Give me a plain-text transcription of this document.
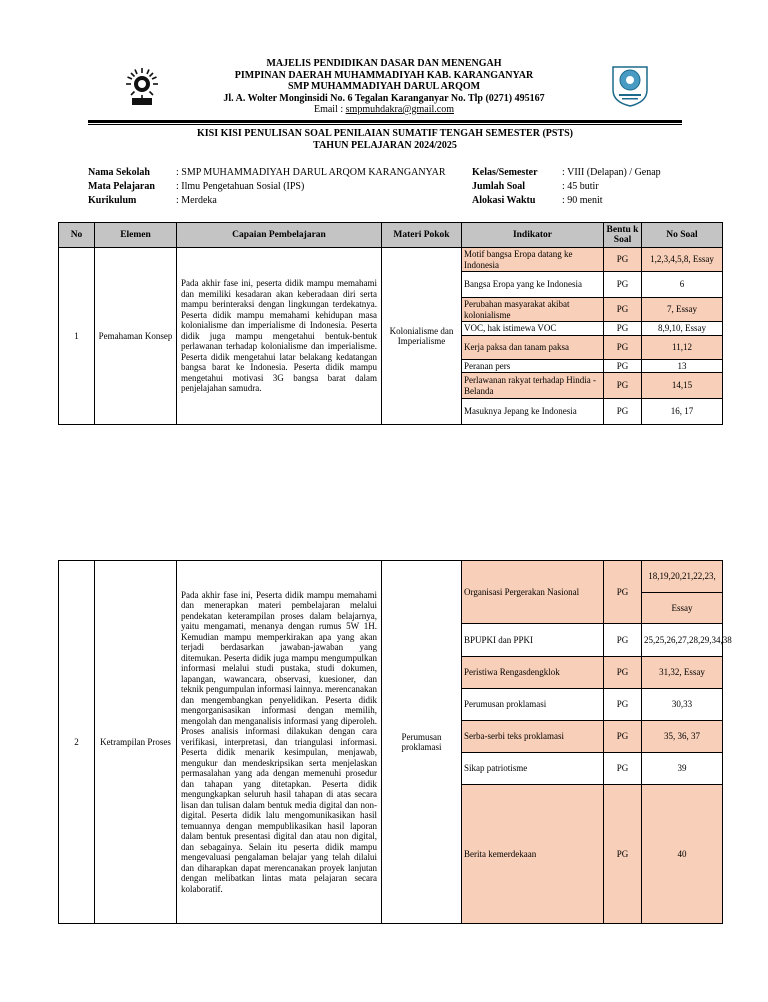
MAJELIS PENDIDIKAN DASAR DAN MENENGAH
PIMPINAN DAERAH MUHAMMADIYAH KAB. KARANGANYAR
SMP MUHAMMADIYAH DARUL ARQOM
Jl. A. Wolter Monginsidi No. 6 Tegalan Karanganyar No. Tlp (0271) 495167
Email : smpmuhdakra@gmail.com
KISI KISI PENULISAN SOAL PENILAIAN SUMATIF TENGAH SEMESTER (PSTS)
TAHUN PELAJARAN 2024/2025
Nama Sekolah	: SMP MUHAMMADIYAH DARUL ARQOM KARANGANYAR
Mata Pelajaran	: Ilmu Pengetahuan Sosial (IPS)
Kurikulum	: Merdeka
Kelas/Semester	: VIII (Delapan) / Genap
Jumlah Soal	: 45 butir
Alokasi Waktu	: 90 menit
No	Elemen	Capaian Pembelajaran	Materi Pokok	Indikator	Bentu k Soal	No Soal
1	Pemahaman Konsep	Pada akhir fase ini, peserta didik mampu memahami dan memiliki kesadaran akan keberadaan diri serta mampu berinteraksi dengan lingkungan terdekatnya. Peserta didik mampu memahami kehidupan masa kolonialisme dan imperialisme di Indonesia. Peserta didik juga mampu mengetahui bentuk-bentuk perlawanan terhadap kolonialisme dan imperialisme. Peserta didik mengetahui latar belakang kedatangan bangsa barat ke Indonesia. Peserta didik mampu mengetahui motivasi 3G bangsa barat dalam penjelajahan samudra.	Kolonialisme dan Imperialisme	Motif bangsa Eropa datang ke Indonesia	PG	1,2,3,4,5,8, Essay
				Bangsa Eropa yang ke Indonesia	PG	6
				Perubahan masyarakat akibat kolonialisme	PG	7, Essay
				VOC, hak istimewa VOC	PG	8,9,10, Essay
				Kerja paksa dan tanam paksa	PG	11,12
				Peranan pers	PG	13
				Perlawanan rakyat terhadap Hindia - Belanda	PG	14,15
				Masuknya Jepang ke Indonesia	PG	16, 17
2	Ketrampilan Proses	Pada akhir fase ini, Peserta didik mampu memahami dan menerapkan materi pembelajaran melalui pendekatan keterampilan proses dalam belajarnya, yaitu mengamati, menanya dengan rumus 5W 1H. Kemudian mampu memperkirakan apa yang akan terjadi berdasarkan jawaban-jawaban yang ditemukan. Peserta didik juga mampu mengumpulkan informasi melalui studi pustaka, studi dokumen, lapangan, wawancara, observasi, kuesioner, dan teknik pengumpulan informasi lainnya. merencanakan dan mengembangkan penyelidikan. Peserta didik mengorganisasikan informasi dengan memilih, mengolah dan menganalisis informasi yang diperoleh. Proses analisis informasi dilakukan dengan cara verifikasi, interpretasi, dan triangulasi informasi. Peserta didik menarik kesimpulan, menjawab, mengukur dan mendeskripsikan serta menjelaskan permasalahan yang ada dengan memenuhi prosedur dan tahapan yang ditetapkan. Peserta didik mengungkapkan seluruh hasil tahapan di atas secara lisan dan tulisan dalam bentuk media digital dan non-digital. Peserta didik lalu mengomunikasikan hasil temuannya dengan mempublikasikan hasil laporan dalam bentuk presentasi digital dan atau non digital, dan sebagainya. Selain itu peserta didik mampu mengevaluasi pengalaman belajar yang telah dilalui dan diharapkan dapat merencanakan proyek lanjutan dengan melibatkan lintas mata pelajaran secara kolaboratif.	Perumusan proklamasi	Organisasi Pergerakan Nasional	PG	18,19,20,21,22,23,
						Essay
				BPUPKI dan PPKI	PG	25,25,26,27,28,29,34,38
				Peristiwa Rengasdengklok	PG	31,32, Essay
				Perumusan proklamasi	PG	30,33
				Serba-serbi teks proklamasi	PG	35, 36, 37
				Sikap patriotisme	PG	39
				Berita kemerdekaan	PG	40
